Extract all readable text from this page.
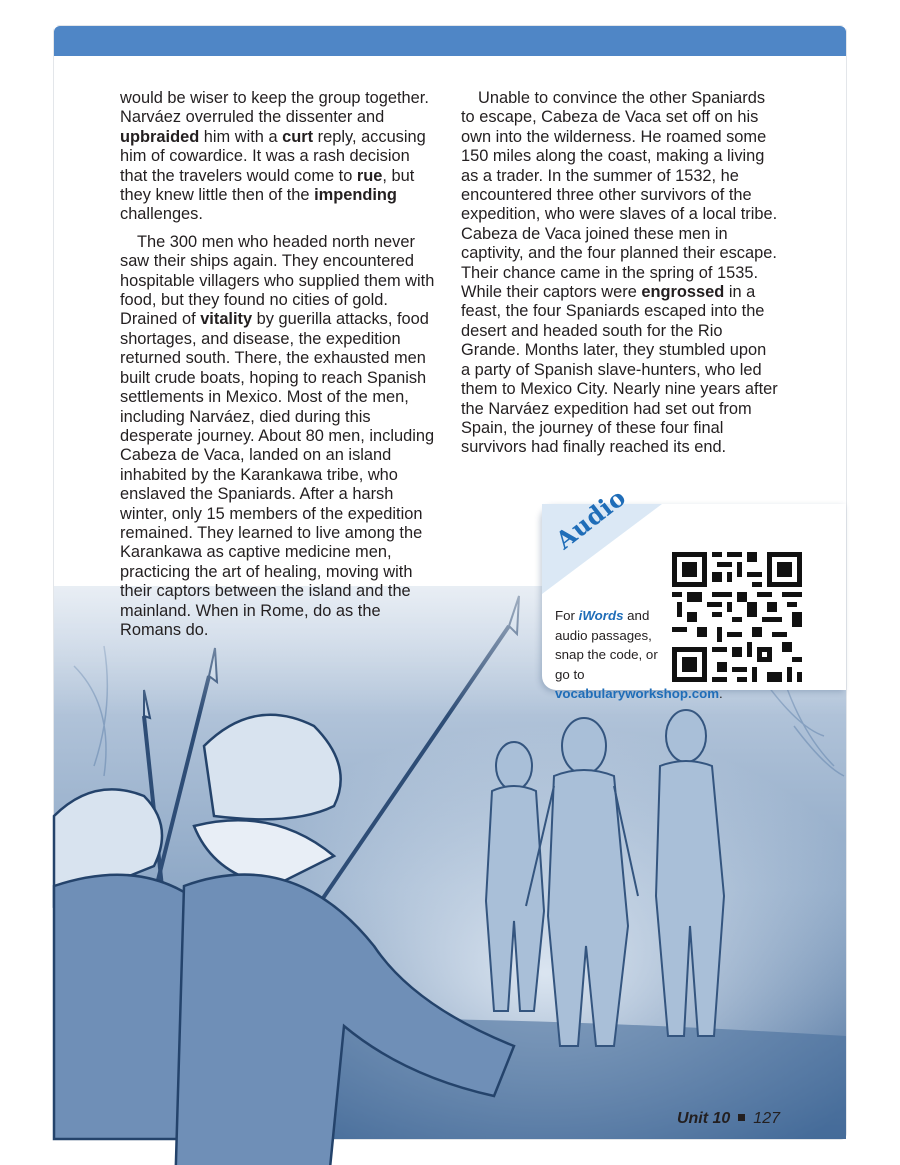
would be wiser to keep the group together. Narváez overruled the dissenter and upbraided him with a curt reply, accusing him of cowardice. It was a rash decision that the travelers would come to rue, but they knew little then of the impending challenges.

The 300 men who headed north never saw their ships again. They encountered hospitable villagers who supplied them with food, but they found no cities of gold. Drained of vitality by guerilla attacks, food shortages, and disease, the expedition returned south. There, the exhausted men built crude boats, hoping to reach Spanish settlements in Mexico. Most of the men, including Narváez, died during this desperate journey. About 80 men, including Cabeza de Vaca, landed on an island inhabited by the Karankawa tribe, who enslaved the Spaniards. After a harsh winter, only 15 members of the expedition remained. They learned to live among the Karankawa as captive medicine men, practicing the art of healing, moving with their captors between the island and the mainland. When in Rome, do as the Romans do.

Unable to convince the other Spaniards to escape, Cabeza de Vaca set off on his own into the wilderness. He roamed some 150 miles along the coast, making a living as a trader. In the summer of 1532, he encountered three other survivors of the expedition, who were slaves of a local tribe. Cabeza de Vaca joined these men in captivity, and the four planned their escape. Their chance came in the spring of 1535. While their captors were engrossed in a feast, the four Spaniards escaped into the desert and headed south for the Rio Grande. Months later, they stumbled upon a party of Spanish slave-hunters, who led them to Mexico City. Nearly nine years after the Narváez expedition had set out from Spain, the journey of these four final survivors had finally reached its end.

Audio
For iWords and
audio passages,
snap the code, or
go to vocabularyworkshop.com.
Unit 10 127
